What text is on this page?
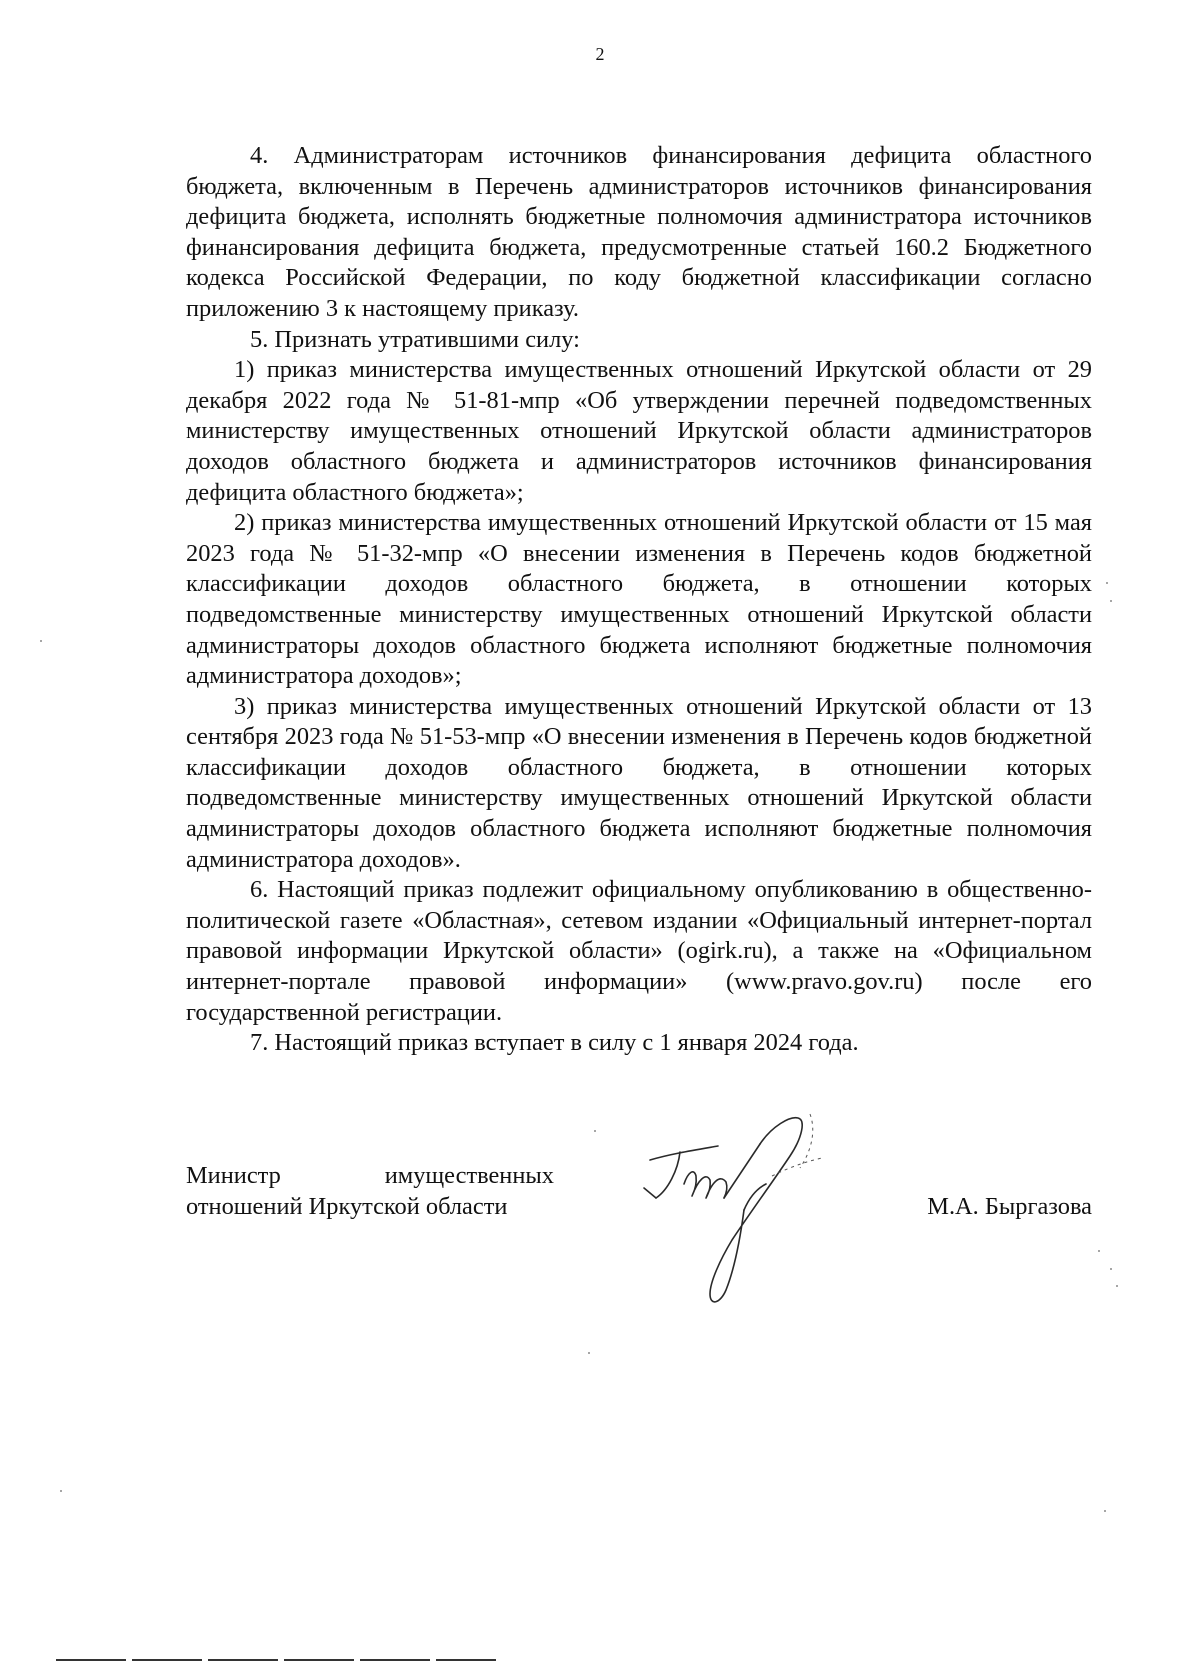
2

4. Администраторам источников финансирования дефицита областного бюджета, включенным в Перечень администраторов источников финансирования дефицита бюджета, исполнять бюджетные полномочия администратора источников финансирования дефицита бюджета, предусмотренные статьей 160.2 Бюджетного кодекса Российской Федерации, по коду бюджетной классификации согласно приложению 3 к настоящему приказу.

5. Признать утратившими силу:

1) приказ министерства имущественных отношений Иркутской области от 29 декабря 2022 года № 51-81-мпр «Об утверждении перечней подведомственных министерству имущественных отношений Иркутской области администраторов доходов областного бюджета и администраторов источников финансирования дефицита областного бюджета»;

2) приказ министерства имущественных отношений Иркутской области от 15 мая 2023 года № 51-32-мпр «О внесении изменения в Перечень кодов бюджетной классификации доходов областного бюджета, в отношении которых подведомственные министерству имущественных отношений Иркутской области администраторы доходов областного бюджета исполняют бюджетные полномочия администратора доходов»;

3) приказ министерства имущественных отношений Иркутской области от 13 сентября 2023 года № 51-53-мпр «О внесении изменения в Перечень кодов бюджетной классификации доходов областного бюджета, в отношении которых подведомственные министерству имущественных отношений Иркутской области администраторы доходов областного бюджета исполняют бюджетные полномочия администратора доходов».

6. Настоящий приказ подлежит официальному опубликованию в общественно-политической газете «Областная», сетевом издании «Официальный интернет-портал правовой информации Иркутской области» (ogirk.ru), а также на «Официальном интернет-портале правовой информации» (www.pravo.gov.ru) после его государственной регистрации.

7. Настоящий приказ вступает в силу с 1 января 2024 года.

Министр имущественных
отношений Иркутской области	М.А. Быргазова
